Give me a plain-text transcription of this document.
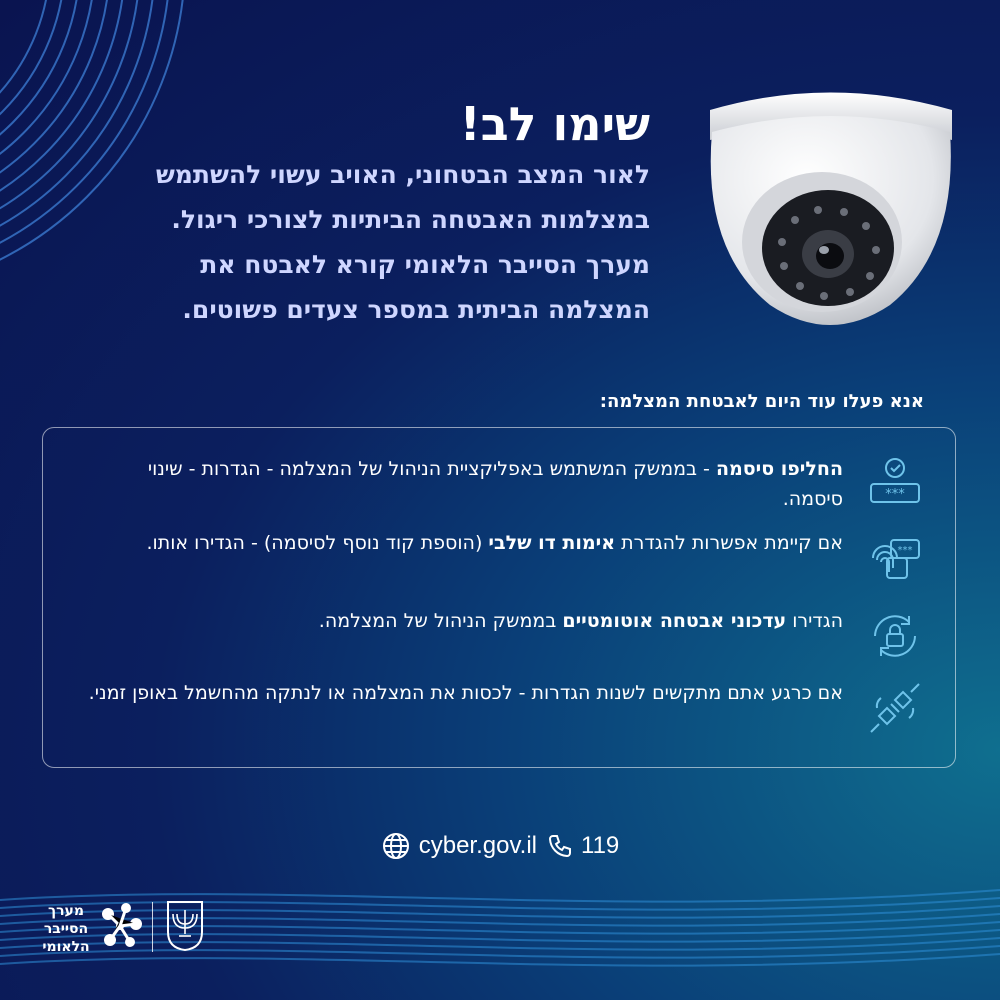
שימו לב!
לאור המצב הבטחוני, האויב עשוי להשתמש
במצלמות האבטחה הביתיות לצורכי ריגול.
מערך הסייבר הלאומי קורא לאבטח את
המצלמה הביתית במספר צעדים פשוטים.
אנא פעלו עוד היום לאבטחת המצלמה:
***
החליפו סיסמה - בממשק המשתמש באפליקציית הניהול של המצלמה - הגדרות - שינוי סיסמה.
***
אם קיימת אפשרות להגדרת אימות דו שלבי (הוספת קוד נוסף לסיסמה) - הגדירו אותו.
הגדירו עדכוני אבטחה אוטומטיים בממשק הניהול של המצלמה.
אם כרגע אתם מתקשים לשנות הגדרות - לכסות את המצלמה או לנתקה מהחשמל באופן זמני.
cyber.gov.il 119
מערך
הסייבר
הלאומי
